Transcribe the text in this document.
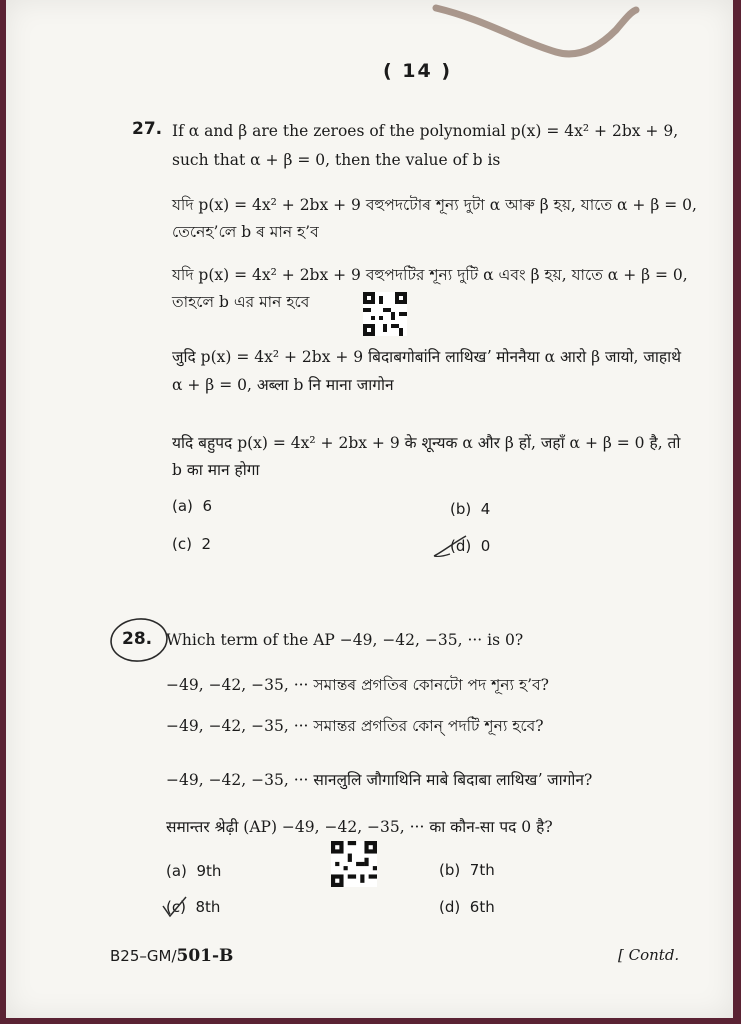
( 14 )
27. If α and β are the zeroes of the polynomial p(x) = 4x² + 2bx + 9,
such that α + β = 0, then the value of b is
যদি p(x) = 4x² + 2bx + 9 বহুপদটোৰ শূন্য দুটা α আৰু β হয়, যাতে α + β = 0,
তেনেহ’লে b ৰ মান হ’ব
যদি p(x) = 4x² + 2bx + 9 বহুপদটির শূন্য দুটি α এবং β হয়, যাতে α + β = 0,
তাহলে b এর মান হবে
जुदि p(x) = 4x² + 2bx + 9 बिदाबगोबांनि लाथिखʼ मोननैया α आरो β जायो, जाहाथे
α + β = 0, अब्ला b नि माना जागोन
यदि बहुपद p(x) = 4x² + 2bx + 9 के शून्यक α और β हों, जहाँ α + β = 0 है, तो
b का मान होगा
(a) 6	(b) 4
(c) 2	(d) 0
28. Which term of the AP −49, −42, −35, ··· is 0?
−49, −42, −35, ··· সমান্তৰ প্ৰগতিৰ কোনটো পদ শূন্য হ’ব?
−49, −42, −35, ··· সমান্তর প্রগতির কোন্ পদটি শূন্য হবে?
−49, −42, −35, ··· सानलुलि जौगाथिनि माबे बिदाबा लाथिखʼ जागोन?
समान्तर श्रेढ़ी (AP) −49, −42, −35, ··· का कौन-सा पद 0 है?
(a) 9th	(b) 7th
(c) 8th	(d) 6th
B25–GM/501-B	[ Contd.
